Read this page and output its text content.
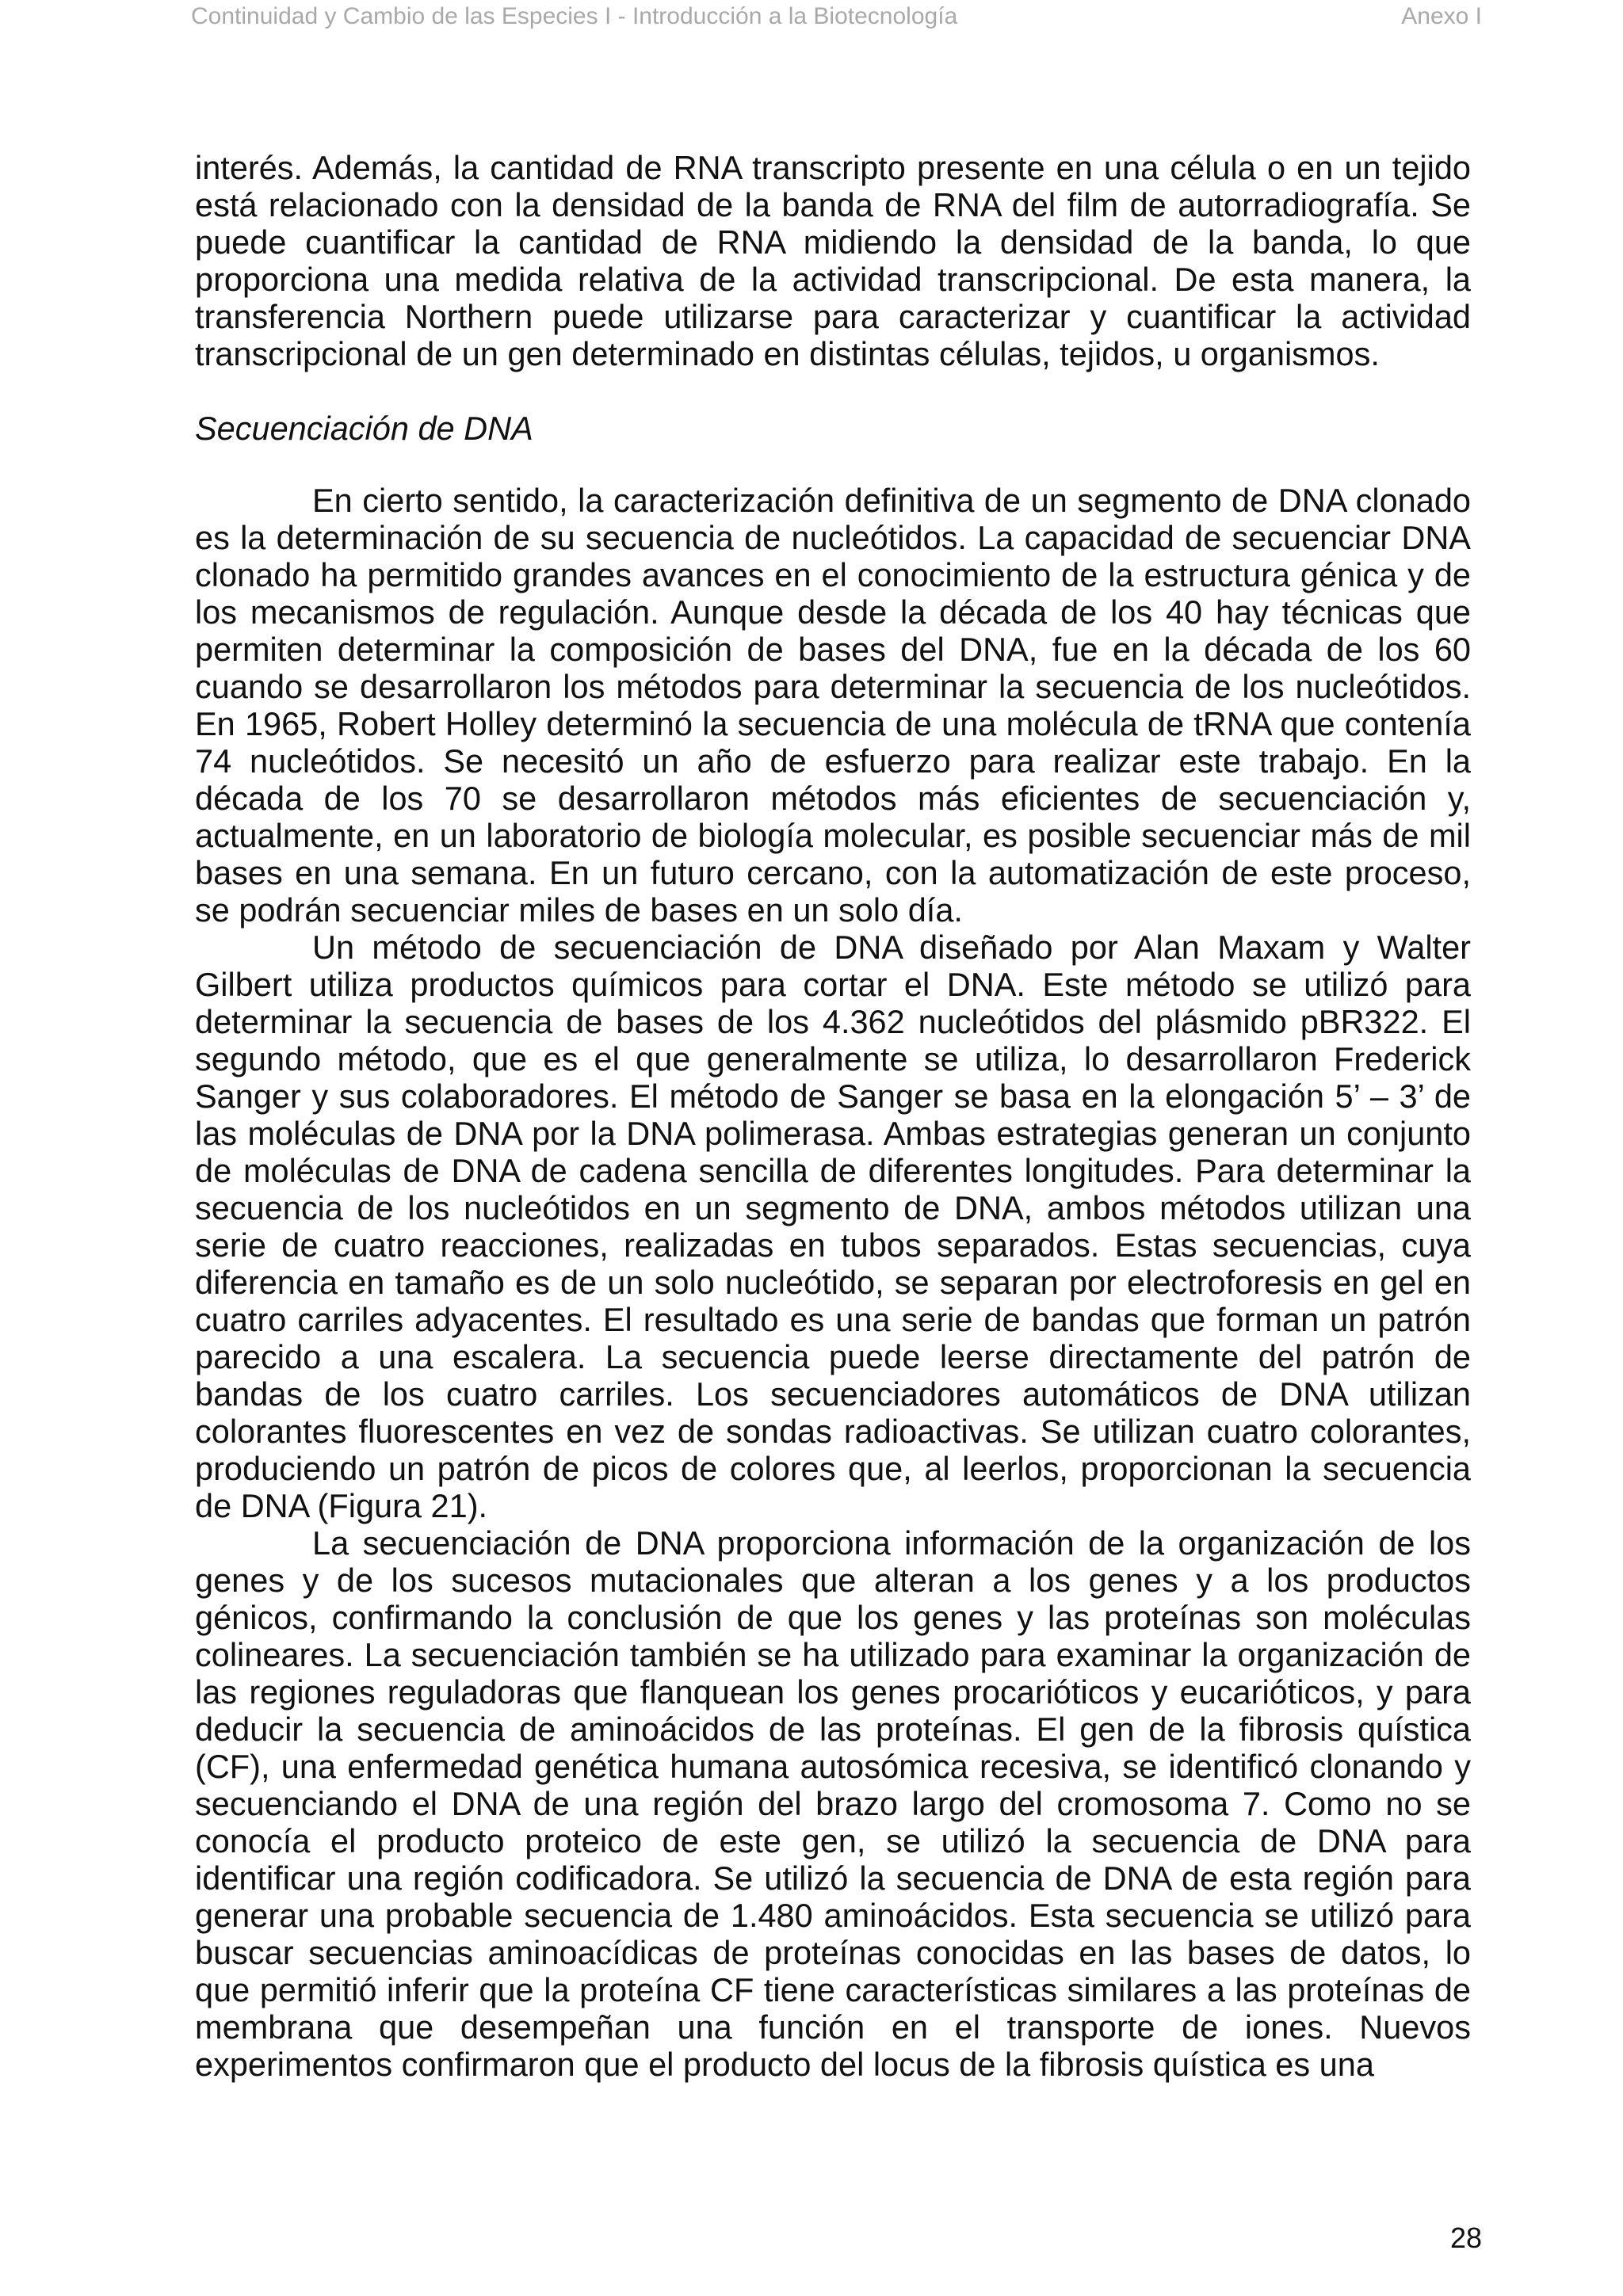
Continuidad y Cambio de las Especies I - Introducción a la Biotecnología	Anexo I

interés. Además, la cantidad de RNA transcripto presente en una célula o en un tejido está relacionado con la densidad de la banda de RNA del film de autorradiografía. Se puede cuantificar la cantidad de RNA midiendo la densidad de la banda, lo que proporciona una medida relativa de la actividad transcripcional. De esta manera, la transferencia Northern puede utilizarse para caracterizar y cuantificar la actividad transcripcional de un gen determinado en distintas células, tejidos, u organismos.

Secuenciación de DNA

En cierto sentido, la caracterización definitiva de un segmento de DNA clonado es la determinación de su secuencia de nucleótidos. La capacidad de secuenciar DNA clonado ha permitido grandes avances en el conocimiento de la estructura génica y de los mecanismos de regulación. Aunque desde la década de los 40 hay técnicas que permiten determinar la composición de bases del DNA, fue en la década de los 60 cuando se desarrollaron los métodos para determinar la secuencia de los nucleótidos. En 1965, Robert Holley determinó la secuencia de una molécula de tRNA que contenía 74 nucleótidos. Se necesitó un año de esfuerzo para realizar este trabajo. En la década de los 70 se desarrollaron métodos más eficientes de secuenciación y, actualmente, en un laboratorio de biología molecular, es posible secuenciar más de mil bases en una semana. En un futuro cercano, con la automatización de este proceso, se podrán secuenciar miles de bases en un solo día.

Un método de secuenciación de DNA diseñado por Alan Maxam y Walter Gilbert utiliza productos químicos para cortar el DNA. Este método se utilizó para determinar la secuencia de bases de los 4.362 nucleótidos del plásmido pBR322. El segundo método, que es el que generalmente se utiliza, lo desarrollaron Frederick Sanger y sus colaboradores. El método de Sanger se basa en la elongación 5’ – 3’ de las moléculas de DNA por la DNA polimerasa. Ambas estrategias generan un conjunto de moléculas de DNA de cadena sencilla de diferentes longitudes. Para determinar la secuencia de los nucleótidos en un segmento de DNA, ambos métodos utilizan una serie de cuatro reacciones, realizadas en tubos separados. Estas secuencias, cuya diferencia en tamaño es de un solo nucleótido, se separan por electroforesis en gel en cuatro carriles adyacentes. El resultado es una serie de bandas que forman un patrón parecido a una escalera. La secuencia puede leerse directamente del patrón de bandas de los cuatro carriles. Los secuenciadores automáticos de DNA utilizan colorantes fluorescentes en vez de sondas radioactivas. Se utilizan cuatro colorantes, produciendo un patrón de picos de colores que, al leerlos, proporcionan la secuencia de DNA (Figura 21).

La secuenciación de DNA proporciona información de la organización de los genes y de los sucesos mutacionales que alteran a los genes y a los productos génicos, confirmando la conclusión de que los genes y las proteínas son moléculas colineares. La secuenciación también se ha utilizado para examinar la organización de las regiones reguladoras que flanquean los genes procarióticos y eucarióticos, y para deducir la secuencia de aminoácidos de las proteínas. El gen de la fibrosis quística (CF), una enfermedad genética humana autosómica recesiva, se identificó clonando y secuenciando el DNA de una región del brazo largo del cromosoma 7. Como no se conocía el producto proteico de este gen, se utilizó la secuencia de DNA para identificar una región codificadora. Se utilizó la secuencia de DNA de esta región para generar una probable secuencia de 1.480 aminoácidos. Esta secuencia se utilizó para buscar secuencias aminoacídicas de proteínas conocidas en las bases de datos, lo que permitió inferir que la proteína CF tiene características similares a las proteínas de membrana que desempeñan una función en el transporte de iones. Nuevos experimentos confirmaron que el producto del locus de la fibrosis quística es una

28
